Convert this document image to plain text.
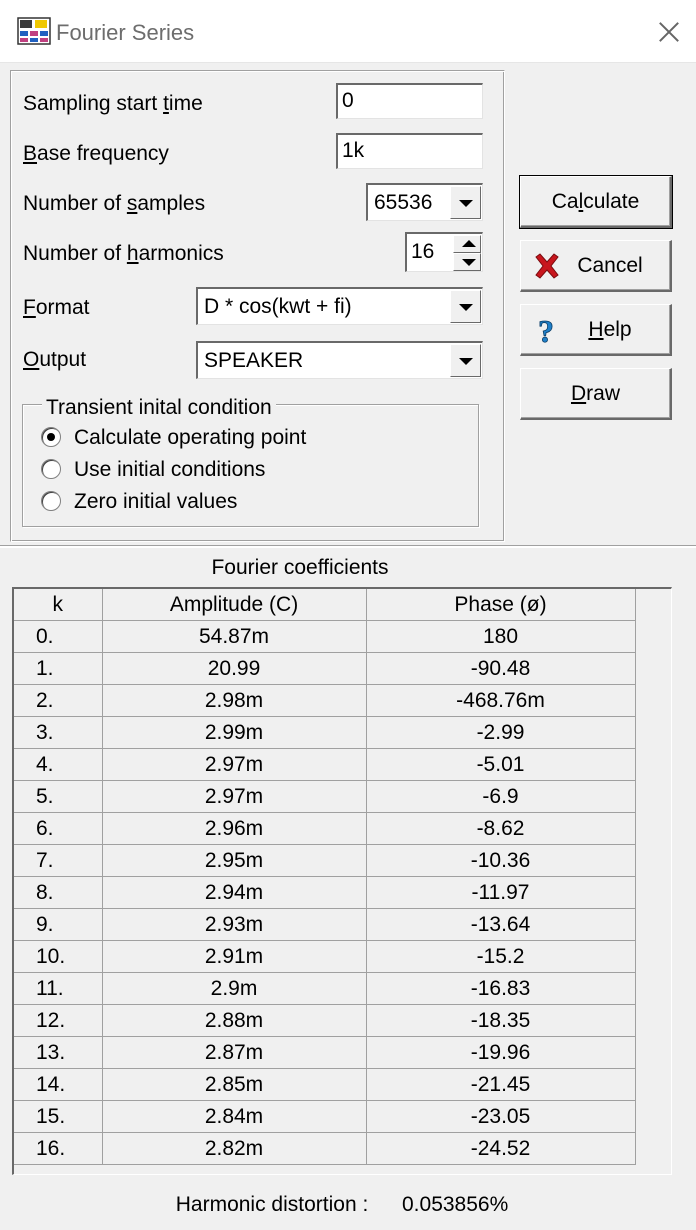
Fourier Series
Sampling start time	0
Base frequency	1k
Number of samples	65536
Number of harmonics	16
Format	D * cos(kwt + fi)
Output	SPEAKER
Transient inital condition
Calculate operating point
Use initial conditions
Zero initial values
Calculate
Cancel
?	Help
Draw
Fourier coefficients
k	Amplitude (C)	Phase (ø)
0.	54.87m	180
1.	20.99	-90.48
2.	2.98m	-468.76m
3.	2.99m	-2.99
4.	2.97m	-5.01
5.	2.97m	-6.9
6.	2.96m	-8.62
7.	2.95m	-10.36
8.	2.94m	-11.97
9.	2.93m	-13.64
10.	2.91m	-15.2
11.	2.9m	-16.83
12.	2.88m	-18.35
13.	2.87m	-19.96
14.	2.85m	-21.45
15.	2.84m	-23.05
16.	2.82m	-24.52
Harmonic distortion : 0.053856%
